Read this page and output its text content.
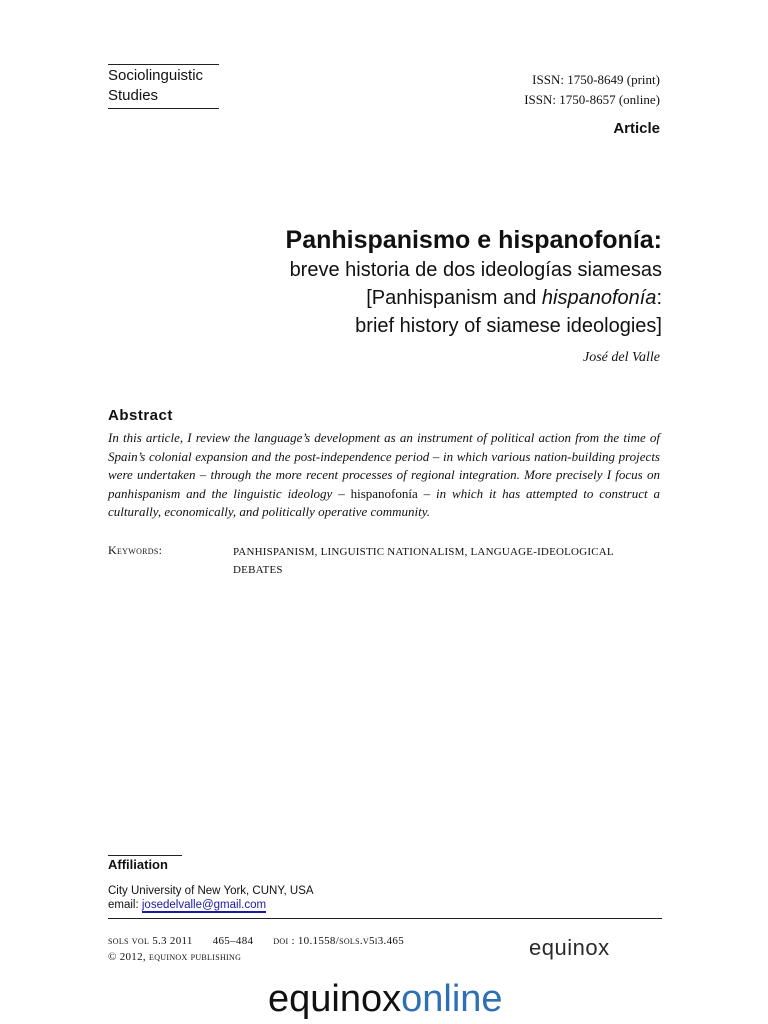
Sociolinguistic
Studies
ISSN: 1750-8649 (print)
ISSN: 1750-8657 (online)
Article
Panhispanismo e hispanofonía:
breve historia de dos ideologías siamesas
[Panhispanism and hispanofonía:
brief history of siamese ideologies]
José del Valle
Abstract
In this article, I review the language’s development as an instrument of political action from the time of Spain’s colonial expansion and the post-independence period – in which various nation-building projects were undertaken – through the more recent processes of regional integration. More precisely I focus on panhispanism and the linguistic ideology – hispanofonía – in which it has attempted to construct a culturally, economically, and politically operative community.
Keywords:	PANHISPANISM, LINGUISTIC NATIONALISM, LANGUAGE-IDEOLOGICAL DEBATES
Affiliation
City University of New York, CUNY, USA
email: josedelvalle@gmail.com
sols vol 5.3 2011 465–484 doi : 10.1558/sols.v5i3.465
© 2012, equinox publishing	equinox
equinoxonline
